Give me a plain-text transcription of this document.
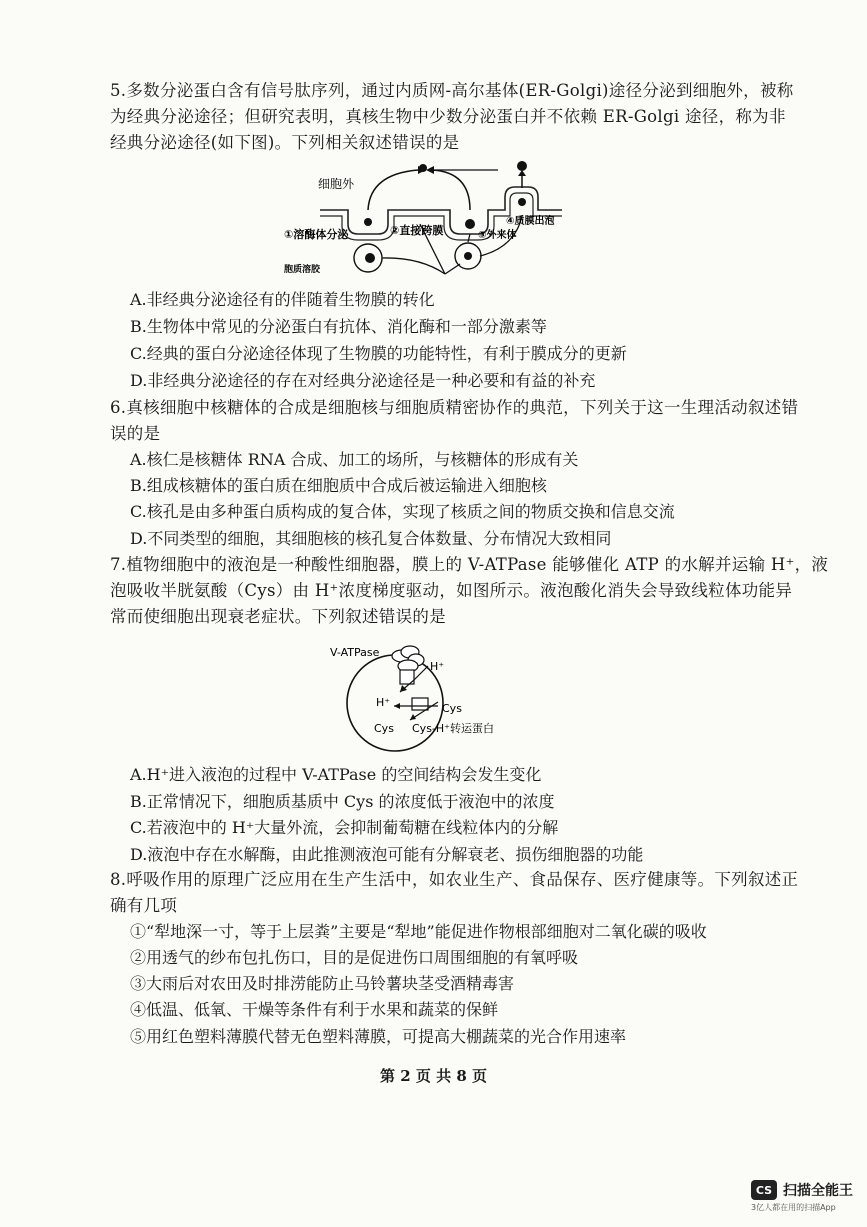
5.多数分泌蛋白含有信号肽序列，通过内质网-高尔基体(ER-Golgi)途径分泌到细胞外，被称
为经典分泌途径；但研究表明，真核生物中少数分泌蛋白并不依赖 ER-Golgi 途径，称为非
经典分泌途径(如下图)。下列相关叙述错误的是
细胞外
①溶酶体分泌	②直接跨膜	③外来体
④质膜出泡
胞质溶胶
A.非经典分泌途径有的伴随着生物膜的转化
B.生物体中常见的分泌蛋白有抗体、消化酶和一部分激素等
C.经典的蛋白分泌途径体现了生物膜的功能特性，有利于膜成分的更新
D.非经典分泌途径的存在对经典分泌途径是一种必要和有益的补充
6.真核细胞中核糖体的合成是细胞核与细胞质精密协作的典范，下列关于这一生理活动叙述错
误的是
A.核仁是核糖体 RNA 合成、加工的场所，与核糖体的形成有关
B.组成核糖体的蛋白质在细胞质中合成后被运输进入细胞核
C.核孔是由多种蛋白质构成的复合体，实现了核质之间的物质交换和信息交流
D.不同类型的细胞，其细胞核的核孔复合体数量、分布情况大致相同
7.植物细胞中的液泡是一种酸性细胞器，膜上的 V-ATPase 能够催化 ATP 的水解并运输 H⁺，液
泡吸收半胱氨酸（Cys）由 H⁺浓度梯度驱动，如图所示。液泡酸化消失会导致线粒体功能异
常而使细胞出现衰老症状。下列叙述错误的是
V-ATPase
H⁺
H⁺	Cys
Cys Cys-H⁺转运蛋白
A.H⁺进入液泡的过程中 V-ATPase 的空间结构会发生变化
B.正常情况下，细胞质基质中 Cys 的浓度低于液泡中的浓度
C.若液泡中的 H⁺大量外流，会抑制葡萄糖在线粒体内的分解
D.液泡中存在水解酶，由此推测液泡可能有分解衰老、损伤细胞器的功能
8.呼吸作用的原理广泛应用在生产生活中，如农业生产、食品保存、医疗健康等。下列叙述正
确有几项
①“犁地深一寸，等于上层粪”主要是“犁地”能促进作物根部细胞对二氧化碳的吸收
②用透气的纱布包扎伤口，目的是促进伤口周围细胞的有氧呼吸
③大雨后对农田及时排涝能防止马铃薯块茎受酒精毒害
④低温、低氧、干燥等条件有利于水果和蔬菜的保鲜
⑤用红色塑料薄膜代替无色塑料薄膜，可提高大棚蔬菜的光合作用速率
第 2 页 共 8 页
CS 扫描全能王
3亿人都在用的扫描App
